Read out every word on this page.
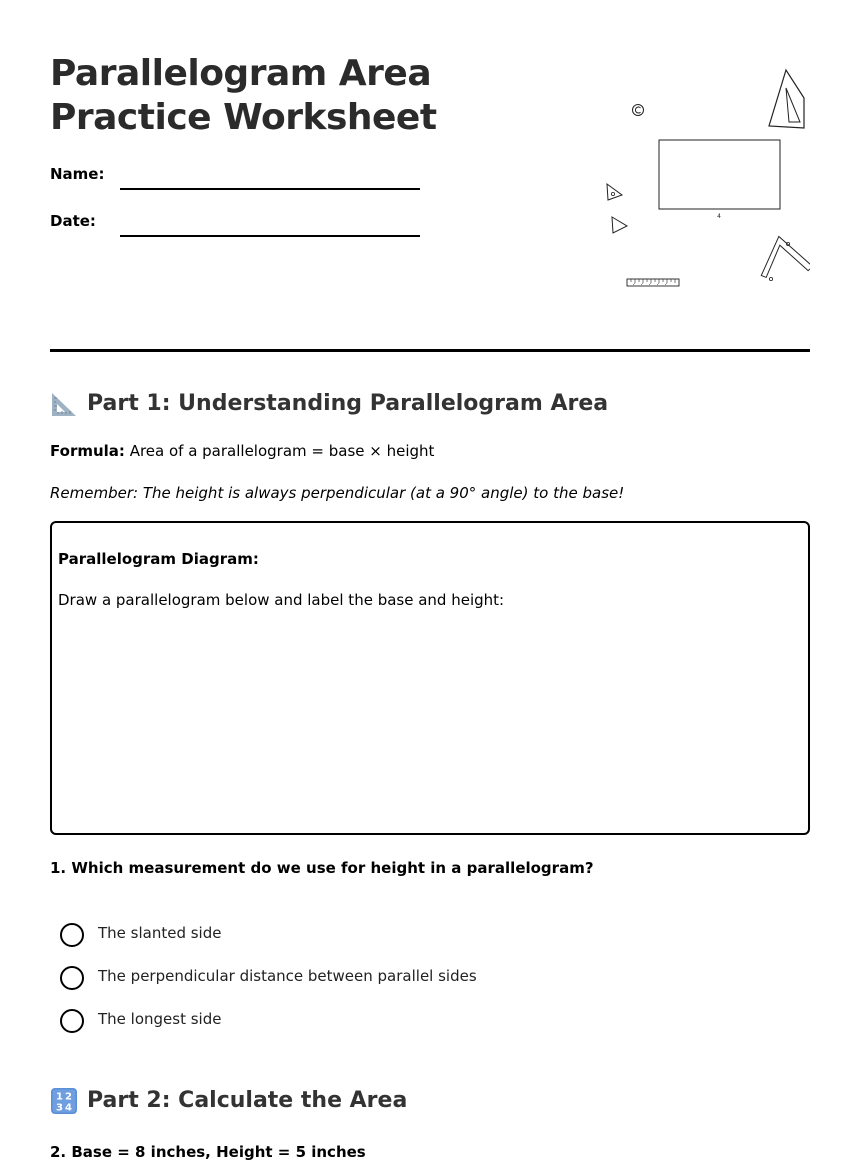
Parallelogram Area Practice Worksheet
Name:
Date:	4
Part 1: Understanding Parallelogram Area
Formula: Area of a parallelogram = base × height
Remember: The height is always perpendicular (at a 90° angle) to the base!
Parallelogram Diagram:
Draw a parallelogram below and label the base and height:
1. Which measurement do we use for height in a parallelogram?
The slanted side
The perpendicular distance between parallel sides
The longest side
1 2
3 4 Part 2: Calculate the Area
2. Base = 8 inches, Height = 5 inches
